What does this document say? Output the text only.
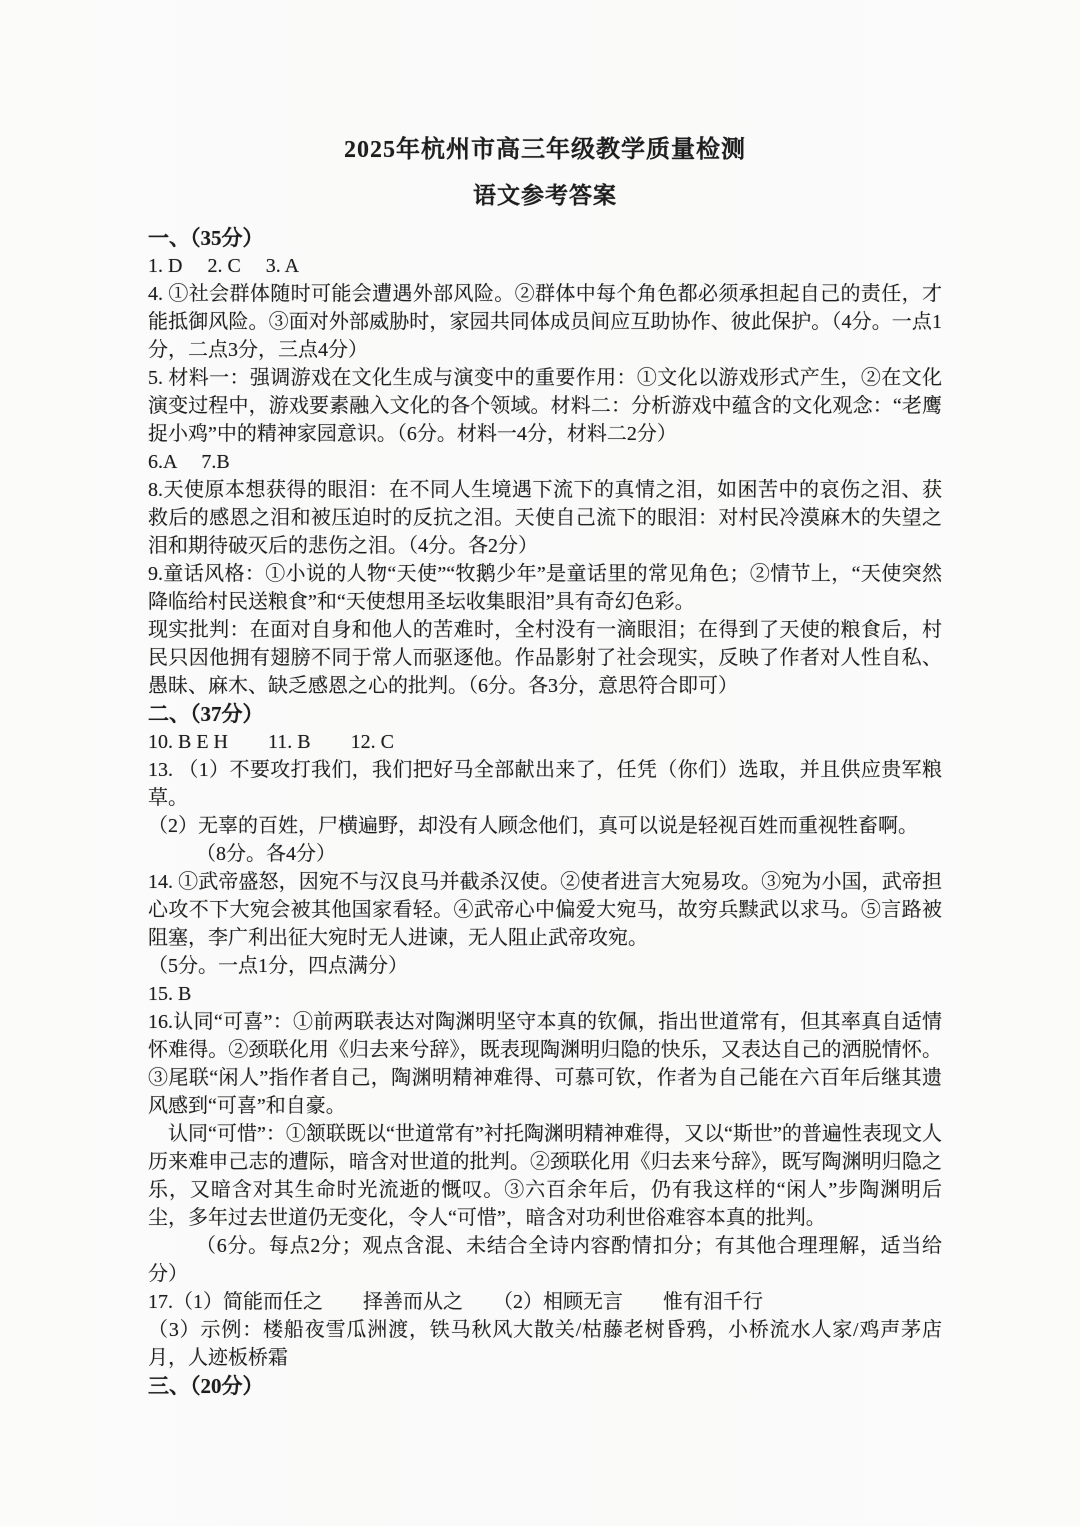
2025年杭州市高三年级教学质量检测
语文参考答案
一、（35分）

1. D　 2. C　 3. A

4. ①社会群体随时可能会遭遇外部风险。②群体中每个角色都必须承担起自己的责任，才能抵御风险。③面对外部威胁时，家园共同体成员间应互助协作、彼此保护。（4分。一点1分，二点3分，三点4分）

5. 材料一：强调游戏在文化生成与演变中的重要作用：①文化以游戏形式产生，②在文化演变过程中，游戏要素融入文化的各个领域。材料二：分析游戏中蕴含的文化观念：“老鹰捉小鸡”中的精神家园意识。（6分。材料一4分，材料二2分）

6.A　 7.B

8.天使原本想获得的眼泪：在不同人生境遇下流下的真情之泪，如困苦中的哀伤之泪、获救后的感恩之泪和被压迫时的反抗之泪。天使自己流下的眼泪：对村民冷漠麻木的失望之泪和期待破灭后的悲伤之泪。（4分。各2分）

9.童话风格：①小说的人物“天使”“牧鹅少年”是童话里的常见角色；②情节上，“天使突然降临给村民送粮食”和“天使想用圣坛收集眼泪”具有奇幻色彩。

现实批判：在面对自身和他人的苦难时，全村没有一滴眼泪；在得到了天使的粮食后，村民只因他拥有翅膀不同于常人而驱逐他。作品影射了社会现实，反映了作者对人性自私、愚昧、麻木、缺乏感恩之心的批判。（6分。各3分，意思符合即可）

二、（37分）

10. B E H　　11. B　　12. C

13. （1）不要攻打我们，我们把好马全部献出来了，任凭（你们）选取，并且供应贵军粮草。

（2）无辜的百姓，尸横遍野，却没有人顾念他们，真可以说是轻视百姓而重视牲畜啊。

（8分。各4分）

14. ①武帝盛怒，因宛不与汉良马并截杀汉使。②使者进言大宛易攻。③宛为小国，武帝担心攻不下大宛会被其他国家看轻。④武帝心中偏爱大宛马，故穷兵黩武以求马。⑤言路被阻塞，李广利出征大宛时无人进谏，无人阻止武帝攻宛。

（5分。一点1分，四点满分）

15. B

16.认同“可喜”：①前两联表达对陶渊明坚守本真的钦佩，指出世道常有，但其率真自适情怀难得。②颈联化用《归去来兮辞》，既表现陶渊明归隐的快乐，又表达自己的洒脱情怀。③尾联“闲人”指作者自己，陶渊明精神难得、可慕可钦，作者为自己能在六百年后继其遗风感到“可喜”和自豪。

认同“可惜”：①颔联既以“世道常有”衬托陶渊明精神难得，又以“斯世”的普遍性表现文人历来难申己志的遭际，暗含对世道的批判。②颈联化用《归去来兮辞》，既写陶渊明归隐之乐，又暗含对其生命时光流逝的慨叹。③六百余年后，仍有我这样的“闲人”步陶渊明后尘，多年过去世道仍无变化，令人“可惜”，暗含对功利世俗难容本真的批判。

（6分。每点2分；观点含混、未结合全诗内容酌情扣分；有其他合理理解，适当给分）

17.（1）简能而任之　　择善而从之　　（2）相顾无言　　惟有泪千行

（3）示例：楼船夜雪瓜洲渡，铁马秋风大散关/枯藤老树昏鸦，小桥流水人家/鸡声茅店月，人迹板桥霜

三、（20分）
